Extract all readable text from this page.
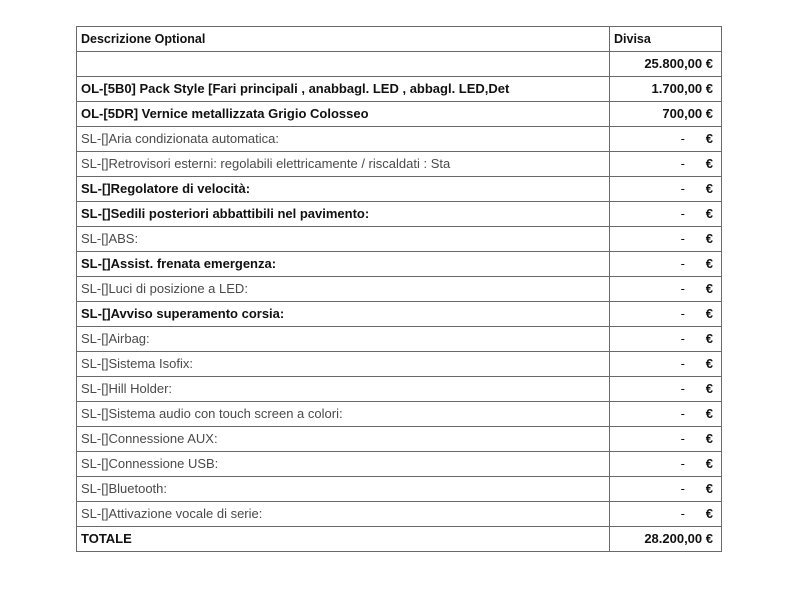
Descrizione Optional	Divisa
	25.800,00 €
OL-[5B0] Pack Style [Fari principali , anabbagl. LED , abbagl. LED,Det	1.700,00 €
OL-[5DR] Vernice metallizzata Grigio Colosseo	700,00 €
SL-[]Aria condizionata automatica:	- €
SL-[]Retrovisori esterni: regolabili elettricamente / riscaldati : Sta	- €
SL-[]Regolatore di velocità:	- €
SL-[]Sedili posteriori abbattibili nel pavimento:	- €
SL-[]ABS:	- €
SL-[]Assist. frenata emergenza:	- €
SL-[]Luci di posizione a LED:	- €
SL-[]Avviso superamento corsia:	- €
SL-[]Airbag:	- €
SL-[]Sistema Isofix:	- €
SL-[]Hill Holder:	- €
SL-[]Sistema audio con touch screen a colori:	- €
SL-[]Connessione AUX:	- €
SL-[]Connessione USB:	- €
SL-[]Bluetooth:	- €
SL-[]Attivazione vocale di serie:	- €
TOTALE	28.200,00 €
